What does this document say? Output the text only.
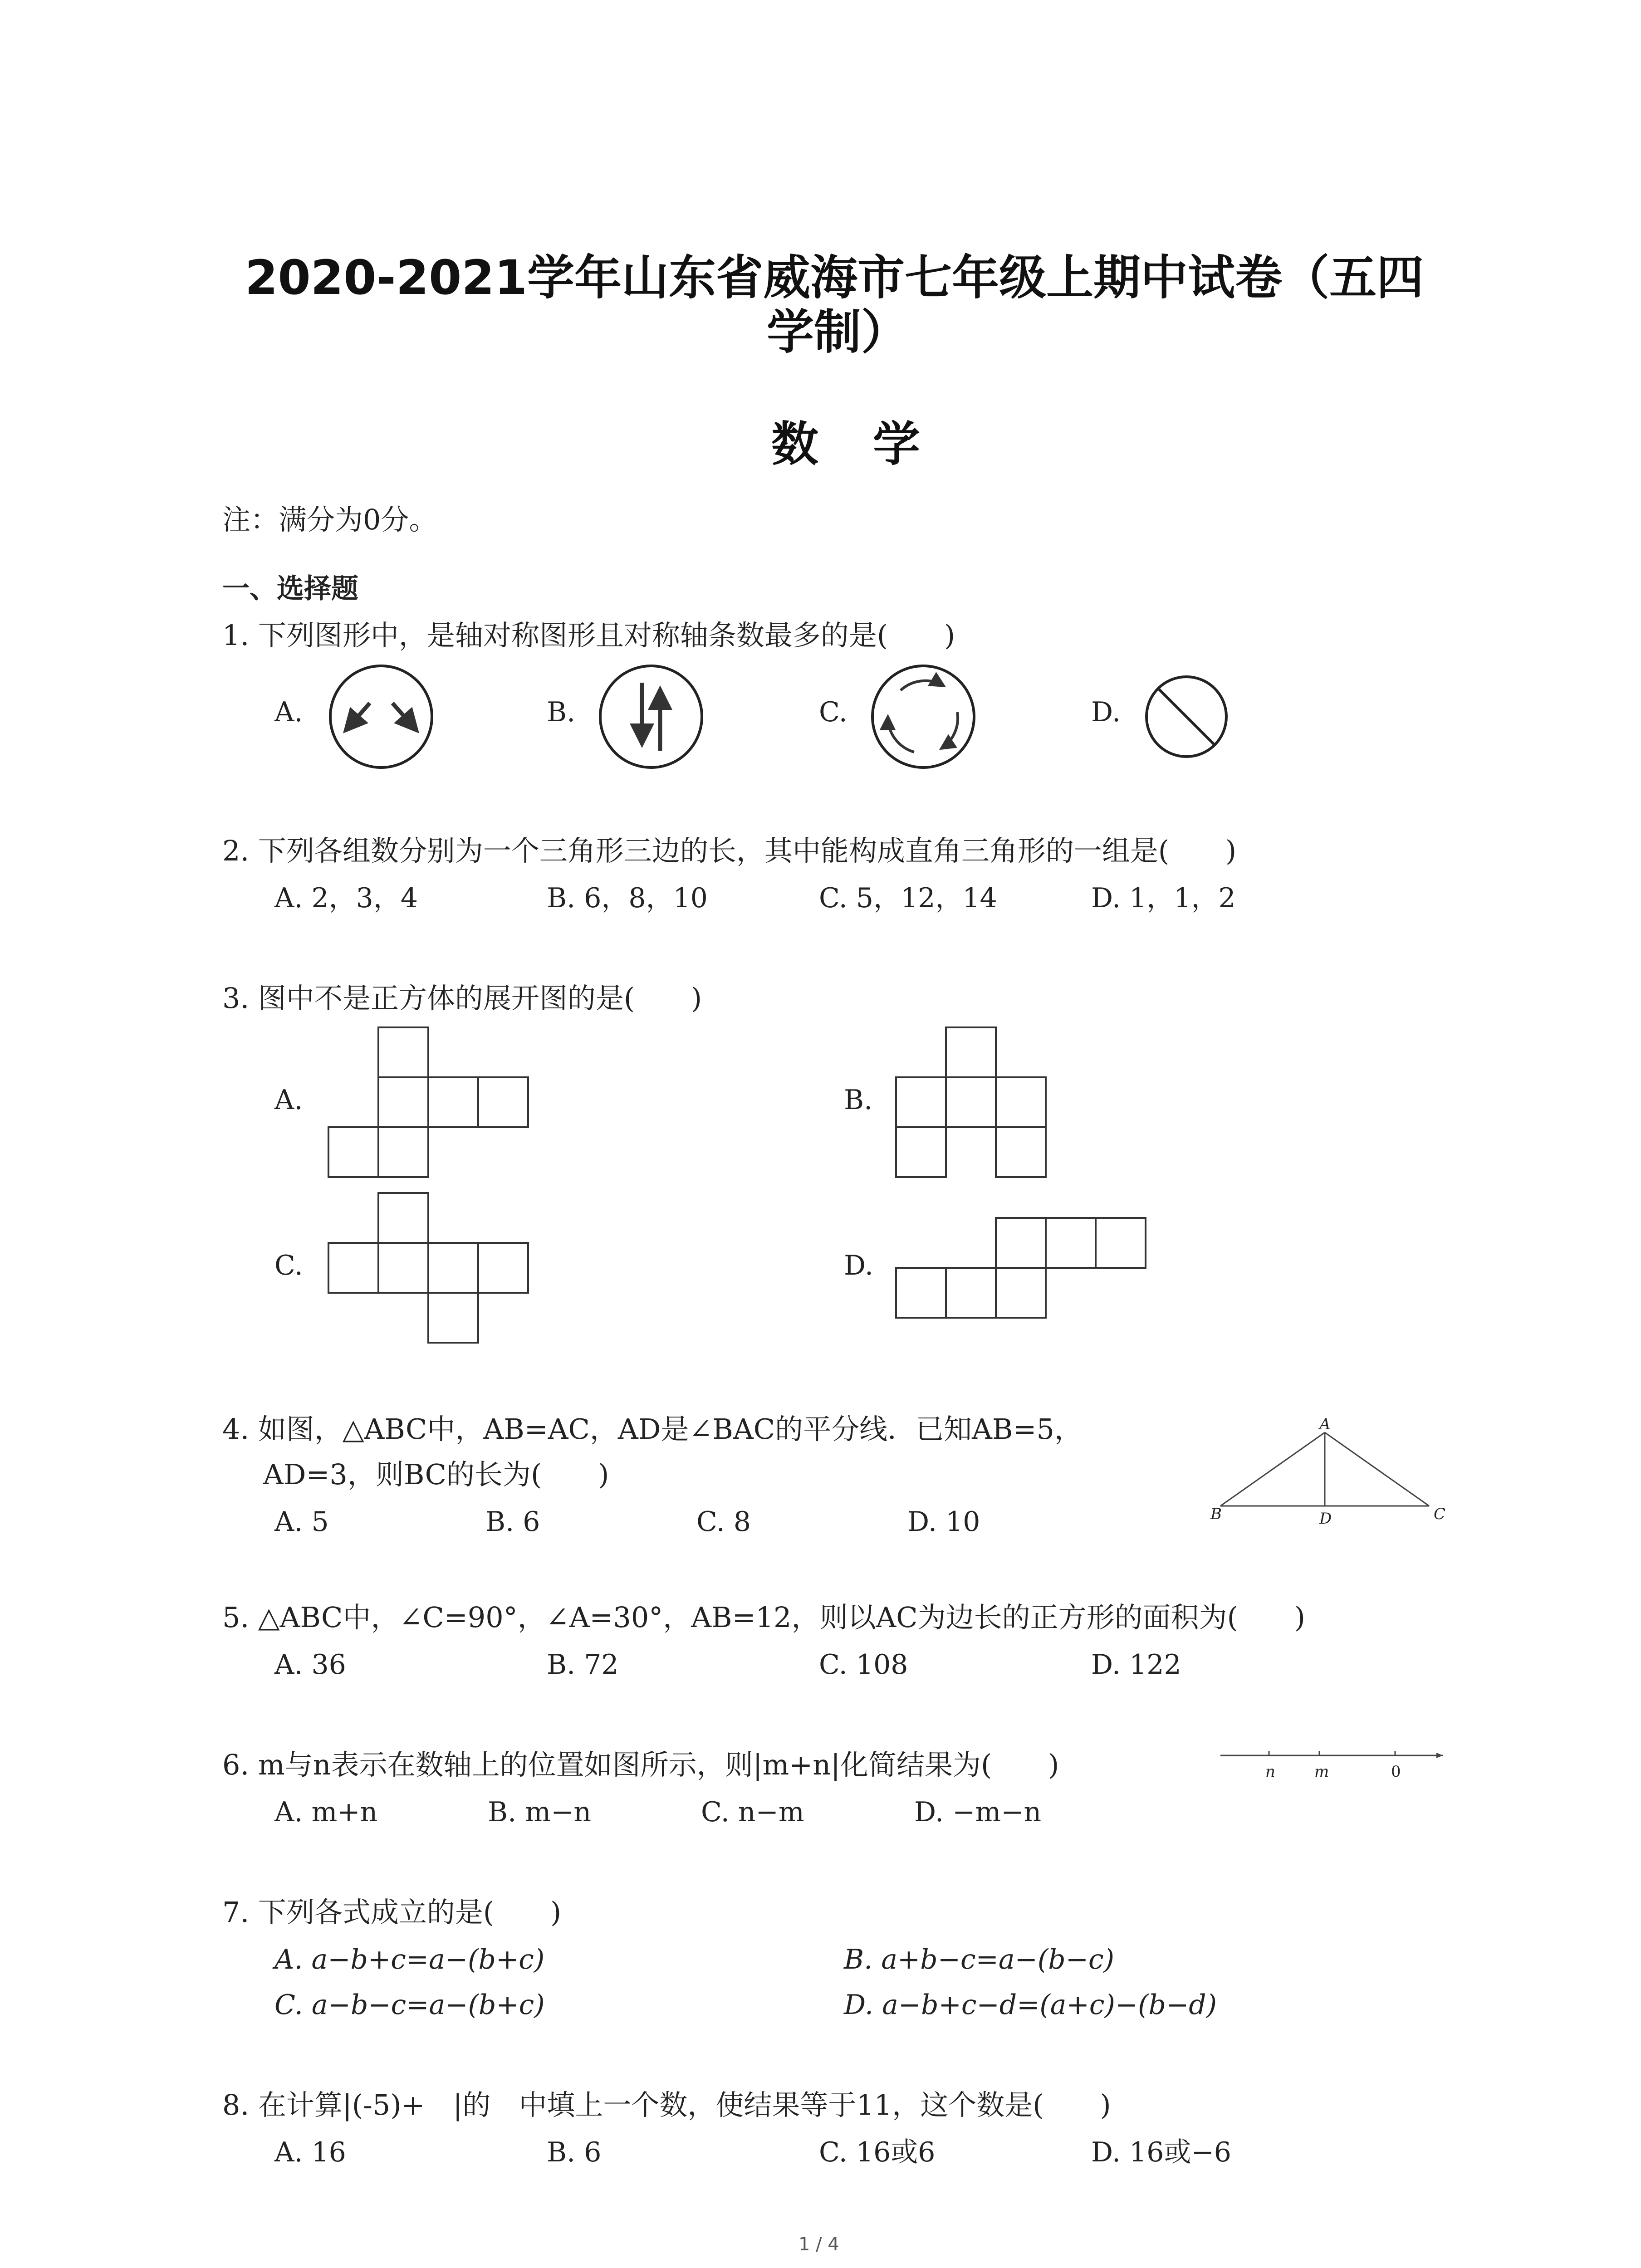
2020-2021学年山东省威海市七年级上期中试卷（五四
学制）
数学
注：满分为0分。
一、选择题
1. 下列图形中，是轴对称图形且对称轴条数最多的是(　　)
A.	B.	C.	D.
2. 下列各组数分别为一个三角形三边的长，其中能构成直角三角形的一组是(　　)
A. 2，3，4	B. 6，8，10	C. 5，12，14	D. 1，1，2
3. 图中不是正方体的展开图的是(　　)
A.	B.
C.	D.
4. 如图，△ABC中，AB=AC，AD是∠BAC的平分线．已知AB=5，
AD=3，则BC的长为(　　)
A. 5	B. 6	C. 8	D. 10
A
B	C
D
5. △ABC中，∠C=90°，∠A=30°，AB=12，则以AC为边长的正方形的面积为(　　)
A. 36	B. 72	C. 108	D. 122
6. m与n表示在数轴上的位置如图所示，则|m+n|化简结果为(　　)
A. m+n	B. m−n	C. n−m	D. −m−n
n	m	0
7. 下列各式成立的是(　　)
A. a−b+c=a−(b+c)	B. a+b−c=a−(b−c)
C. a−b−c=a−(b+c)	D. a−b+c−d=(a+c)−(b−d)
8. 在计算|(-5)+　|的　中填上一个数，使结果等于11，这个数是(　　)
A. 16	B. 6	C. 16或6	D. 16或−6
1 / 4
